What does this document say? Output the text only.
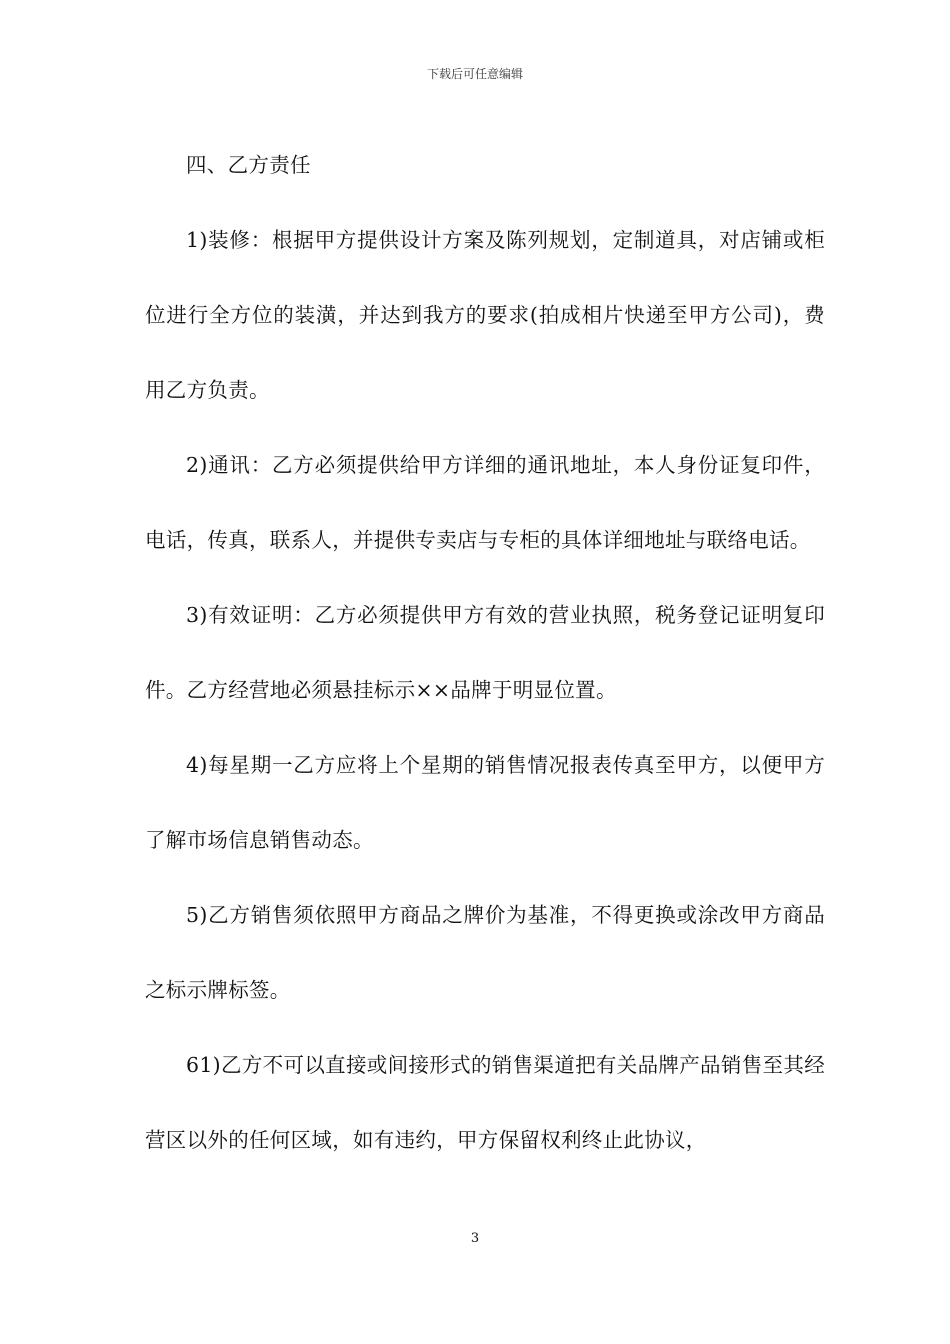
下载后可任意编辑

四、乙方责任

1)装修：根据甲方提供设计方案及陈列规划，定制道具，对店铺或柜位进行全方位的装潢，并达到我方的要求(拍成相片快递至甲方公司)，费用乙方负责。

2)通讯：乙方必须提供给甲方详细的通讯地址，本人身份证复印件，电话，传真，联系人，并提供专卖店与专柜的具体详细地址与联络电话。

3)有效证明：乙方必须提供甲方有效的营业执照，税务登记证明复印件。乙方经营地必须悬挂标示××品牌于明显位置。

4)每星期一乙方应将上个星期的销售情况报表传真至甲方，以便甲方了解市场信息销售动态。

5)乙方销售须依照甲方商品之牌价为基准，不得更换或涂改甲方商品之标示牌标签。

61)乙方不可以直接或间接形式的销售渠道把有关品牌产品销售至其经营区以外的任何区域，如有违约，甲方保留权利终止此协议，

3
